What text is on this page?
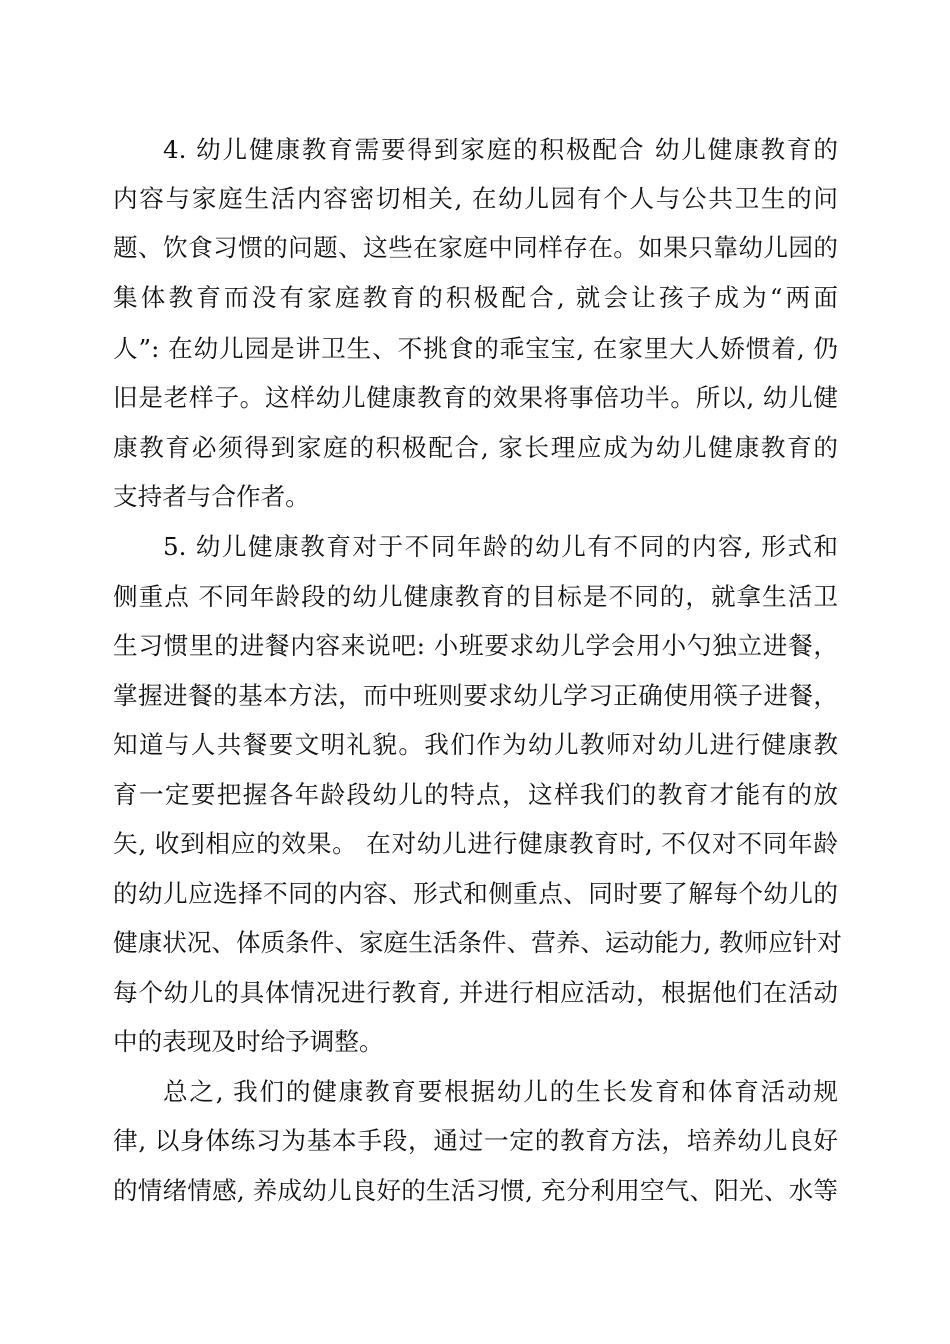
4. 幼儿健康教育需要得到家庭的积极配合 幼儿健康教育的
内容与家庭生活内容密切相关, 在幼儿园有个人与公共卫生的问
题、饮食习惯的问题、这些在家庭中同样存在。如果只靠幼儿园的
集体教育而没有家庭教育的积极配合, 就会让孩子成为“两面
人”: 在幼儿园是讲卫生、不挑食的乖宝宝, 在家里大人娇惯着, 仍
旧是老样子。这样幼儿健康教育的效果将事倍功半。所以, 幼儿健
康教育必须得到家庭的积极配合, 家长理应成为幼儿健康教育的
支持者与合作者。
5. 幼儿健康教育对于不同年龄的幼儿有不同的内容, 形式和
侧重点 不同年龄段的幼儿健康教育的目标是不同的，就拿生活卫
生习惯里的进餐内容来说吧: 小班要求幼儿学会用小勺独立进餐，
掌握进餐的基本方法，而中班则要求幼儿学习正确使用筷子进餐，
知道与人共餐要文明礼貌。我们作为幼儿教师对幼儿进行健康教
育一定要把握各年龄段幼儿的特点，这样我们的教育才能有的放
矢, 收到相应的效果。 在对幼儿进行健康教育时, 不仅对不同年龄
的幼儿应选择不同的内容、形式和侧重点、同时要了解每个幼儿的
健康状况、体质条件、家庭生活条件、营养、运动能力, 教师应针对
每个幼儿的具体情况进行教育, 并进行相应活动，根据他们在活动
中的表现及时给予调整。
总之, 我们的健康教育要根据幼儿的生长发育和体育活动规
律, 以身体练习为基本手段，通过一定的教育方法，培养幼儿良好
的情绪情感, 养成幼儿良好的生活习惯, 充分利用空气、阳光、水等
